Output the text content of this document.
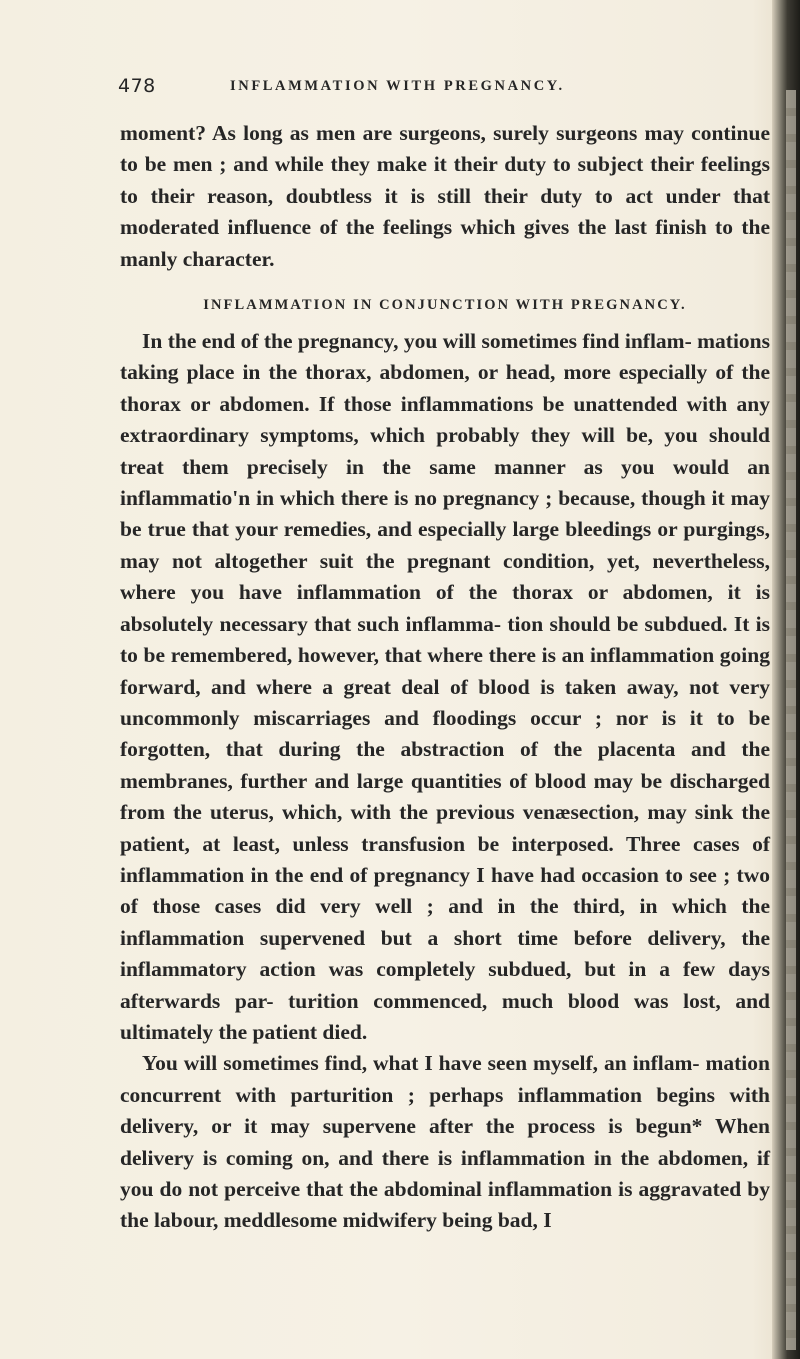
478	INFLAMMATION WITH PREGNANCY.

moment? As long as men are surgeons, surely surgeons may continue to be men ; and while they make it their duty to subject their feelings to their reason, doubtless it is still their duty to act under that moderated influence of the feelings which gives the last finish to the manly character.

INFLAMMATION IN CONJUNCTION WITH PREGNANCY.

In the end of the pregnancy, you will sometimes find inflam- mations taking place in the thorax, abdomen, or head, more especially of the thorax or abdomen. If those inflammations be unattended with any extraordinary symptoms, which probably they will be, you should treat them precisely in the same manner as you would an inflammatio'n in which there is no pregnancy ; because, though it may be true that your remedies, and especially large bleedings or purgings, may not altogether suit the pregnant condition, yet, nevertheless, where you have inflammation of the thorax or abdomen, it is absolutely necessary that such inflamma- tion should be subdued. It is to be remembered, however, that where there is an inflammation going forward, and where a great deal of blood is taken away, not very uncommonly miscarriages and floodings occur ; nor is it to be forgotten, that during the abstraction of the placenta and the membranes, further and large quantities of blood may be discharged from the uterus, which, with the previous venæsection, may sink the patient, at least, unless transfusion be interposed. Three cases of inflammation in the end of pregnancy I have had occasion to see ; two of those cases did very well ; and in the third, in which the inflammation supervened but a short time before delivery, the inflammatory action was completely subdued, but in a few days afterwards par- turition commenced, much blood was lost, and ultimately the patient died.

You will sometimes find, what I have seen myself, an inflam- mation concurrent with parturition ; perhaps inflammation begins with delivery, or it may supervene after the process is begun* When delivery is coming on, and there is inflammation in the abdomen, if you do not perceive that the abdominal inflammation is aggravated by the labour, meddlesome midwifery being bad, I
